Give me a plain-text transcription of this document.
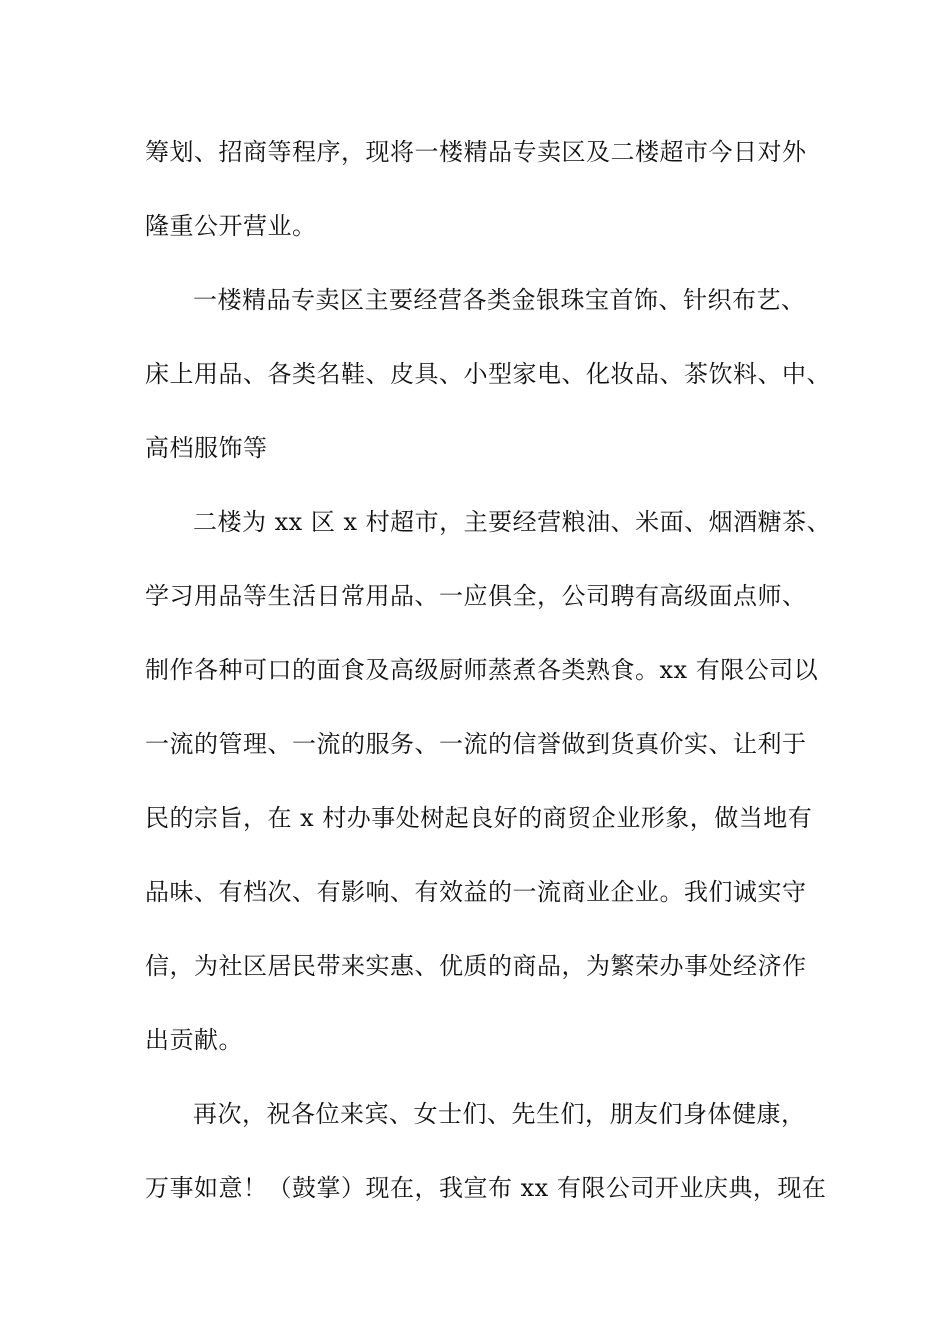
筹划、招商等程序，现将一楼精品专卖区及二楼超市今日对外
隆重公开营业。
一楼精品专卖区主要经营各类金银珠宝首饰、针织布艺、
床上用品、各类名鞋、皮具、小型家电、化妆品、茶饮料、中、
高档服饰等
二楼为 xx 区 x 村超市，主要经营粮油、米面、烟酒糖茶、
学习用品等生活日常用品、一应俱全，公司聘有高级面点师、
制作各种可口的面食及高级厨师蒸煮各类熟食。xx 有限公司以
一流的管理、一流的服务、一流的信誉做到货真价实、让利于
民的宗旨，在 x 村办事处树起良好的商贸企业形象，做当地有
品味、有档次、有影响、有效益的一流商业企业。我们诚实守
信，为社区居民带来实惠、优质的商品，为繁荣办事处经济作
出贡献。
再次，祝各位来宾、女士们、先生们，朋友们身体健康，
万事如意！（鼓掌）现在，我宣布 xx 有限公司开业庆典，现在
